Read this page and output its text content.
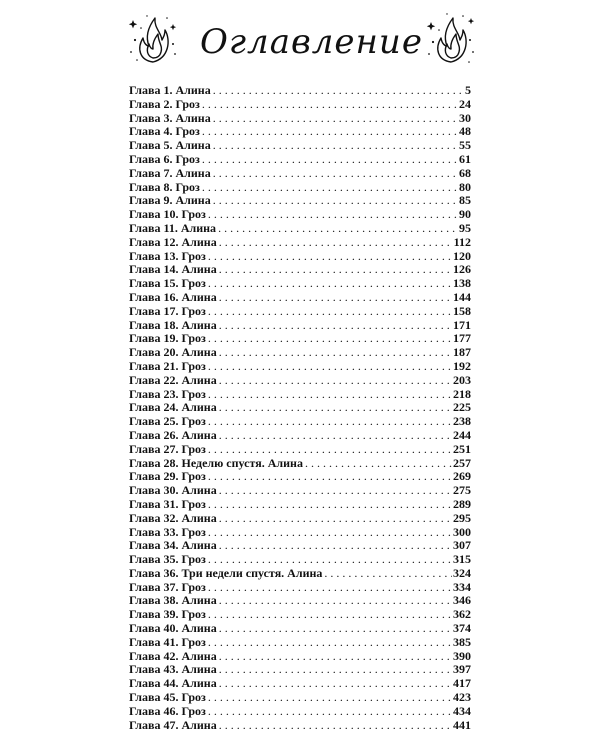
Оглавление
Глава 1. Алина . . .	5
Глава 2. Гроз . . .	24
Глава 3. Алина . . .	30
Глава 4. Гроз . . .	48
Глава 5. Алина . . .	55
Глава 6. Гроз . . .	61
Глава 7. Алина . . .	68
Глава 8. Гроз . . .	80
Глава 9. Алина . . .	85
Глава 10. Гроз . . .	90
Глава 11. Алина . . .	95
Глава 12. Алина . . .	112
Глава 13. Гроз . . .	120
Глава 14. Алина . . .	126
Глава 15. Гроз . . .	138
Глава 16. Алина . . .	144
Глава 17. Гроз . . .	158
Глава 18. Алина . . .	171
Глава 19. Гроз . . .	177
Глава 20. Алина . . .	187
Глава 21. Гроз . . .	192
Глава 22. Алина . . .	203
Глава 23. Гроз . . .	218
Глава 24. Алина . . .	225
Глава 25. Гроз . . .	238
Глава 26. Алина . . .	244
Глава 27. Гроз . . .	251
Глава 28. Неделю спустя. Алина . . .	257
Глава 29. Гроз . . .	269
Глава 30. Алина . . .	275
Глава 31. Гроз . . .	289
Глава 32. Алина . . .	295
Глава 33. Гроз . . .	300
Глава 34. Алина . . .	307
Глава 35. Гроз . . .	315
Глава 36. Три недели спустя. Алина . . .	324
Глава 37. Гроз . . .	334
Глава 38. Алина . . .	346
Глава 39. Гроз . . .	362
Глава 40. Алина . . .	374
Глава 41. Гроз . . .	385
Глава 42. Алина . . .	390
Глава 43. Алина . . .	397
Глава 44. Алина . . .	417
Глава 45. Гроз . . .	423
Глава 46. Гроз . . .	434
Глава 47. Алина . . .	441
